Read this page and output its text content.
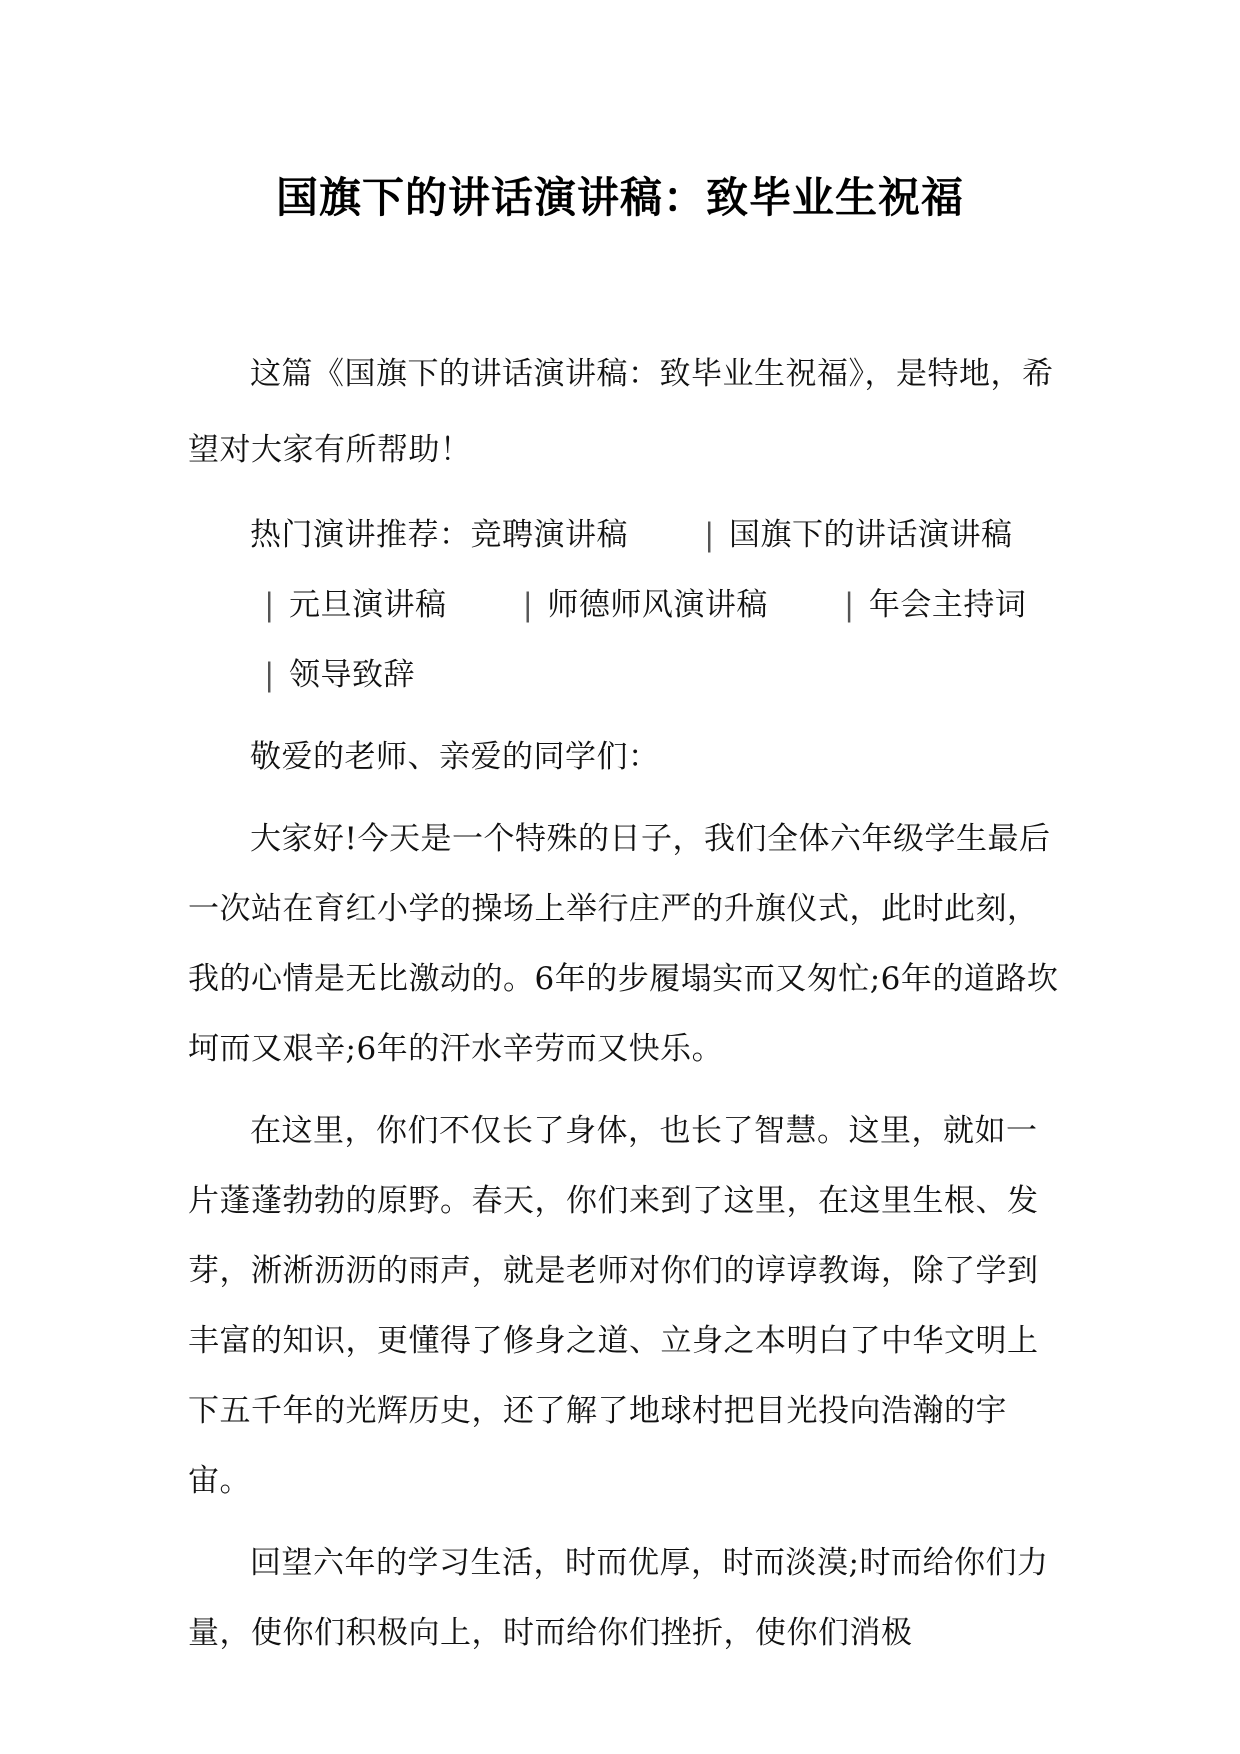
国旗下的讲话演讲稿：致毕业生祝福

这篇《国旗下的讲话演讲稿：致毕业生祝福》，是特地，希望对大家有所帮助！

热门演讲推荐：竞聘演讲稿 | 国旗下的讲话演讲稿| 元旦演讲稿 | 师德师风演讲稿 | 年会主持词| 领导致辞

敬爱的老师、亲爱的同学们：

大家好!今天是一个特殊的日子，我们全体六年级学生最后一次站在育红小学的操场上举行庄严的升旗仪式，此时此刻，我的心情是无比激动的。6年的步履塌实而又匆忙;6年的道路坎坷而又艰辛;6年的汗水辛劳而又快乐。

在这里，你们不仅长了身体，也长了智慧。这里，就如一片蓬蓬勃勃的原野。春天，你们来到了这里，在这里生根、发芽，淅淅沥沥的雨声，就是老师对你们的谆谆教诲，除了学到丰富的知识，更懂得了修身之道、立身之本明白了中华文明上下五千年的光辉历史，还了解了地球村把目光投向浩瀚的宇宙。

回望六年的学习生活，时而优厚，时而淡漠;时而给你们力量，使你们积极向上，时而给你们挫折，使你们消极
